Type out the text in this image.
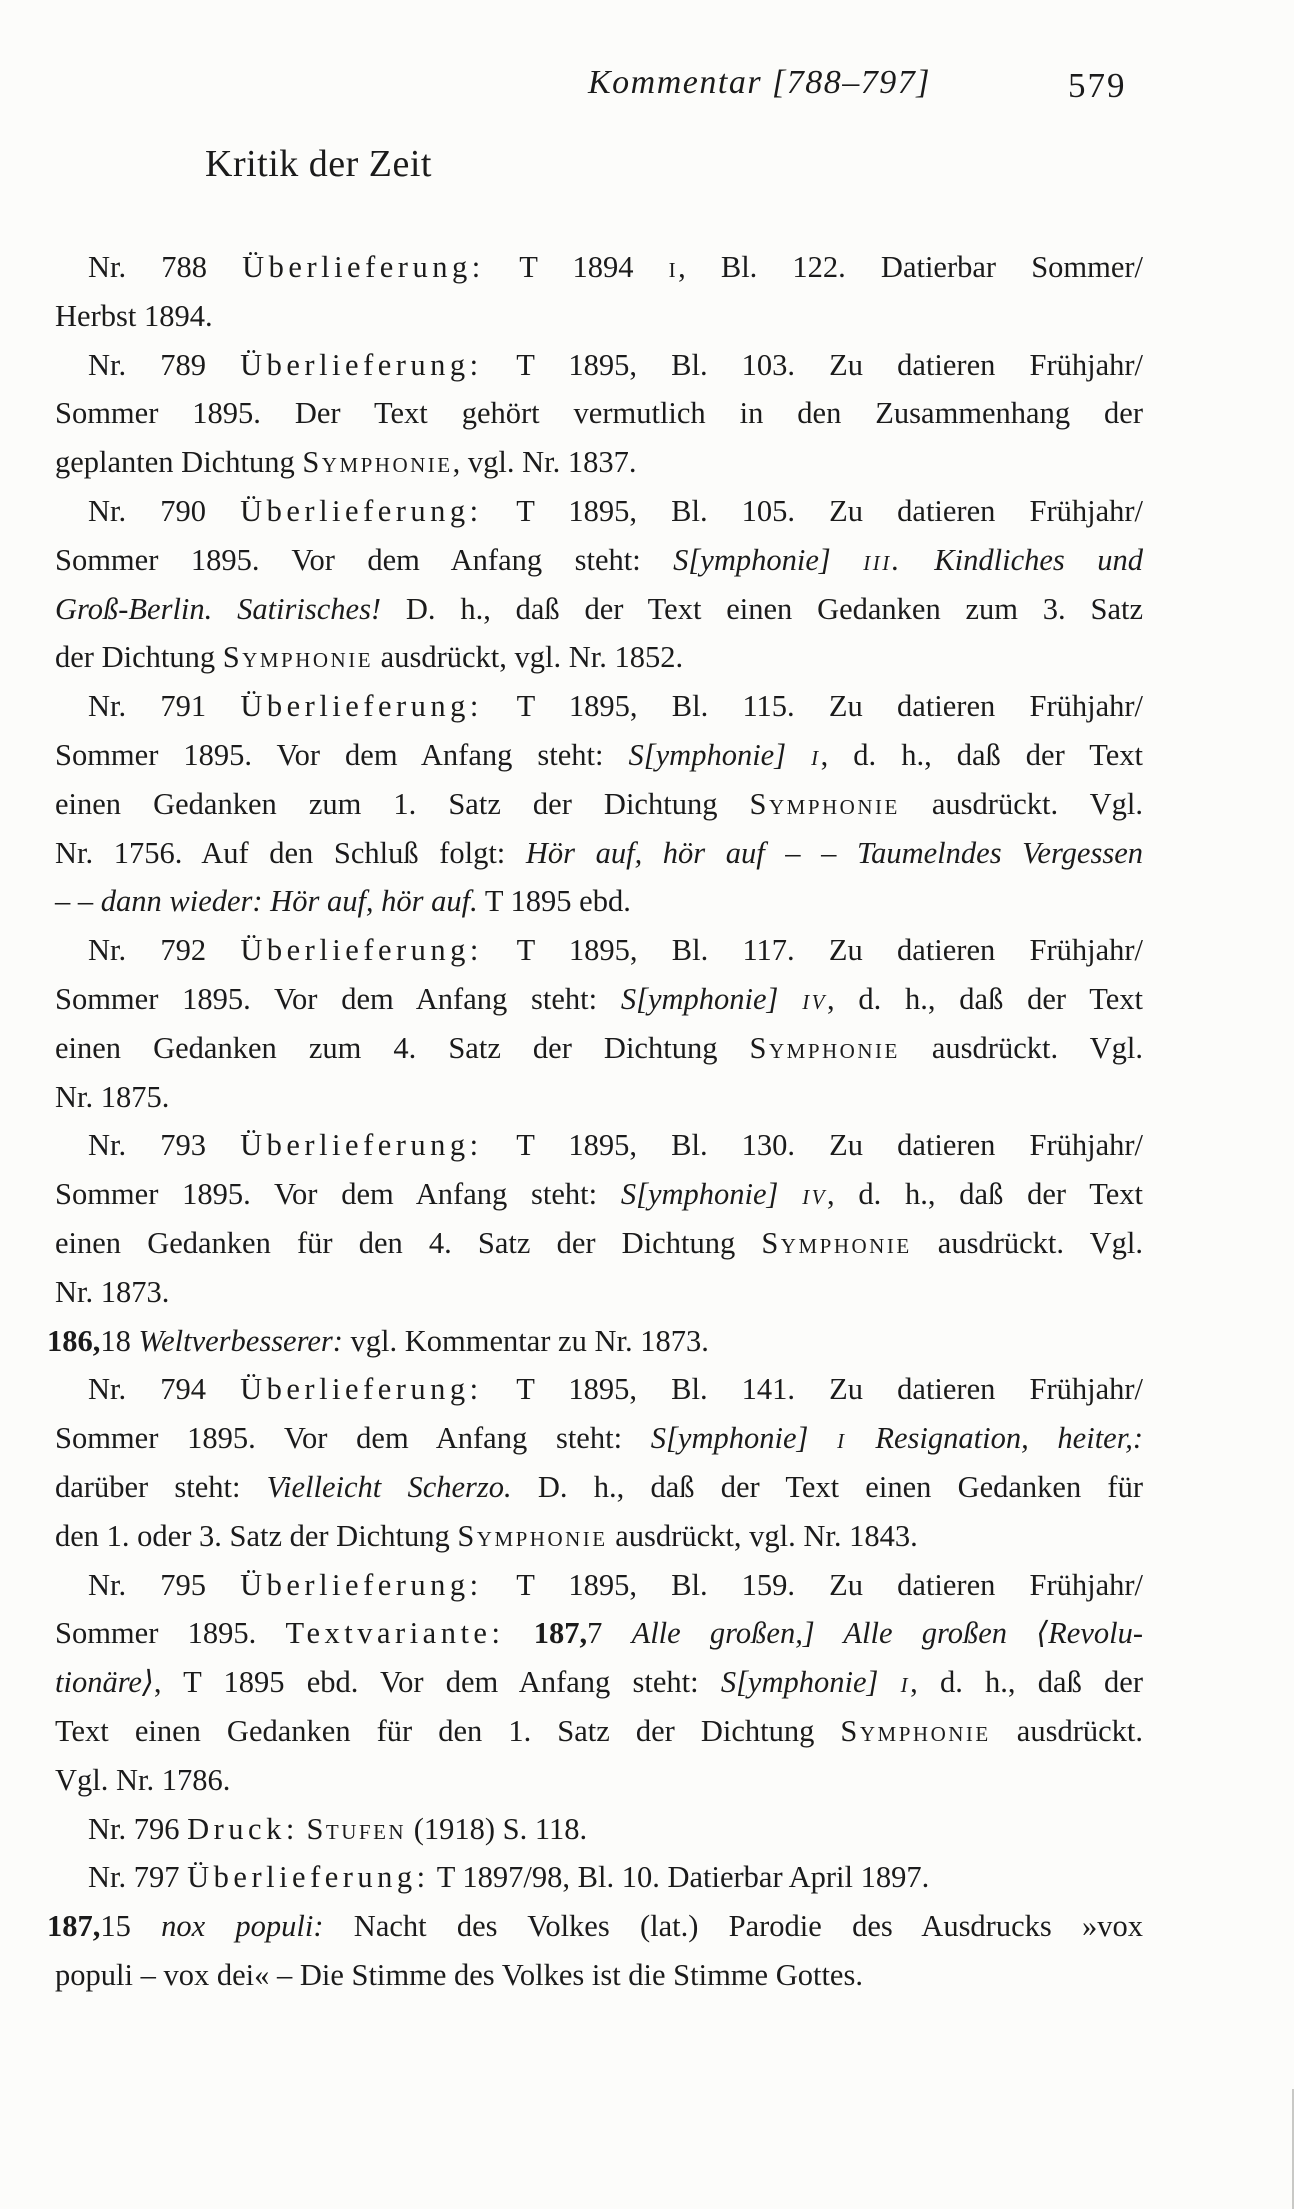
Kommentar [788–797]	579
Kritik der Zeit
Nr. 788 Überlieferung: T 1894 i, Bl. 122. Datierbar Sommer/
Herbst 1894.
Nr. 789 Überlieferung: T 1895, Bl. 103. Zu datieren Frühjahr/
Sommer 1895. Der Text gehört vermutlich in den Zusammenhang der
geplanten Dichtung Symphonie, vgl. Nr. 1837.
Nr. 790 Überlieferung: T 1895, Bl. 105. Zu datieren Frühjahr/
Sommer 1895. Vor dem Anfang steht: S[ymphonie] iii. Kindliches und
Groß-Berlin. Satirisches! D. h., daß der Text einen Gedanken zum 3. Satz
der Dichtung Symphonie ausdrückt, vgl. Nr. 1852.
Nr. 791 Überlieferung: T 1895, Bl. 115. Zu datieren Frühjahr/
Sommer 1895. Vor dem Anfang steht: S[ymphonie] i, d. h., daß der Text
einen Gedanken zum 1. Satz der Dichtung Symphonie ausdrückt. Vgl.
Nr. 1756. Auf den Schluß folgt: Hör auf, hör auf – – Taumelndes Vergessen
– – dann wieder: Hör auf, hör auf. T 1895 ebd.
Nr. 792 Überlieferung: T 1895, Bl. 117. Zu datieren Frühjahr/
Sommer 1895. Vor dem Anfang steht: S[ymphonie] iv, d. h., daß der Text
einen Gedanken zum 4. Satz der Dichtung Symphonie ausdrückt. Vgl.
Nr. 1875.
Nr. 793 Überlieferung: T 1895, Bl. 130. Zu datieren Frühjahr/
Sommer 1895. Vor dem Anfang steht: S[ymphonie] iv, d. h., daß der Text
einen Gedanken für den 4. Satz der Dichtung Symphonie ausdrückt. Vgl.
Nr. 1873.
186,18 Weltverbesserer: vgl. Kommentar zu Nr. 1873.
Nr. 794 Überlieferung: T 1895, Bl. 141. Zu datieren Frühjahr/
Sommer 1895. Vor dem Anfang steht: S[ymphonie] i Resignation, heiter,:
darüber steht: Vielleicht Scherzo. D. h., daß der Text einen Gedanken für
den 1. oder 3. Satz der Dichtung Symphonie ausdrückt, vgl. Nr. 1843.
Nr. 795 Überlieferung: T 1895, Bl. 159. Zu datieren Frühjahr/
Sommer 1895. Textvariante: 187,7 Alle großen,] Alle großen ⟨Revolu-
tionäre⟩, T 1895 ebd. Vor dem Anfang steht: S[ymphonie] i, d. h., daß der
Text einen Gedanken für den 1. Satz der Dichtung Symphonie ausdrückt.
Vgl. Nr. 1786.
Nr. 796 Druck: Stufen (1918) S. 118.
Nr. 797 Überlieferung: T 1897/98, Bl. 10. Datierbar April 1897.
187,15 nox populi: Nacht des Volkes (lat.) Parodie des Ausdrucks »vox
populi – vox dei« – Die Stimme des Volkes ist die Stimme Gottes.
